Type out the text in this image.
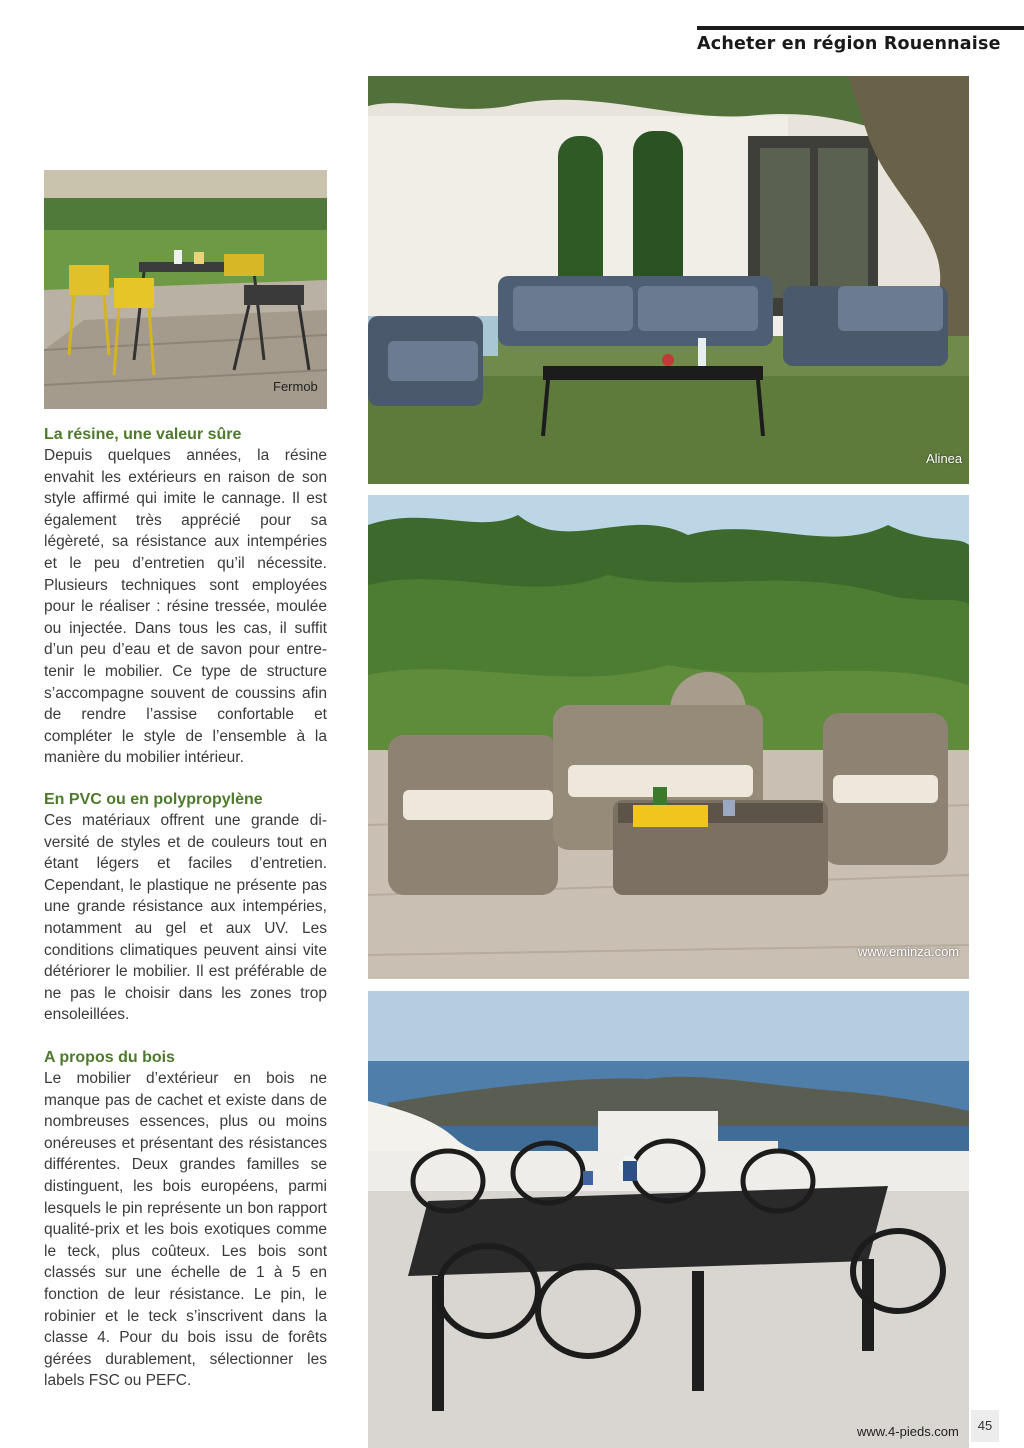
Acheter en région Rouennaise
Fermob
Alinea
www.eminza.com
www.4-pieds.com	45
La résine, une valeur sûre

Depuis quelques années, la résine envahit les extérieurs en raison de son style affirmé qui imite le cannage. Il est également très apprécié pour sa légèreté, sa résistance aux intempéries et le peu d’entretien qu’il nécessite. Plusieurs techniques sont employées pour le réaliser : résine tressée, moulée ou injectée. Dans tous les cas, il suffit d’un peu d’eau et de savon pour entretenir le mobilier. Ce type de structure s’accompagne souvent de coussins afin de rendre l’assise confortable et compléter le style de l’ensemble à la manière du mobilier intérieur.

En PVC ou en polypropylène

Ces matériaux offrent une grande diversité de styles et de couleurs tout en étant légers et faciles d’entretien. Cependant, le plastique ne présente pas une grande résistance aux intempéries, notamment au gel et aux UV. Les conditions climatiques peuvent ainsi vite détériorer le mobilier. Il est préférable de ne pas le choisir dans les zones trop ensoleillées.

A propos du bois

Le mobilier d’extérieur en bois ne manque pas de cachet et existe dans de nombreuses essences, plus ou moins onéreuses et présentant des résistances différentes. Deux grandes familles se distinguent, les bois européens, parmi lesquels le pin représente un bon rapport qualité-prix et les bois exotiques comme le teck, plus coûteux. Les bois sont classés sur une échelle de 1 à 5 en fonction de leur résistance. Le pin, le robinier et le teck s’inscrivent dans la classe 4. Pour du bois issu de forêts gérées durablement, sélectionner les labels FSC ou PEFC.
